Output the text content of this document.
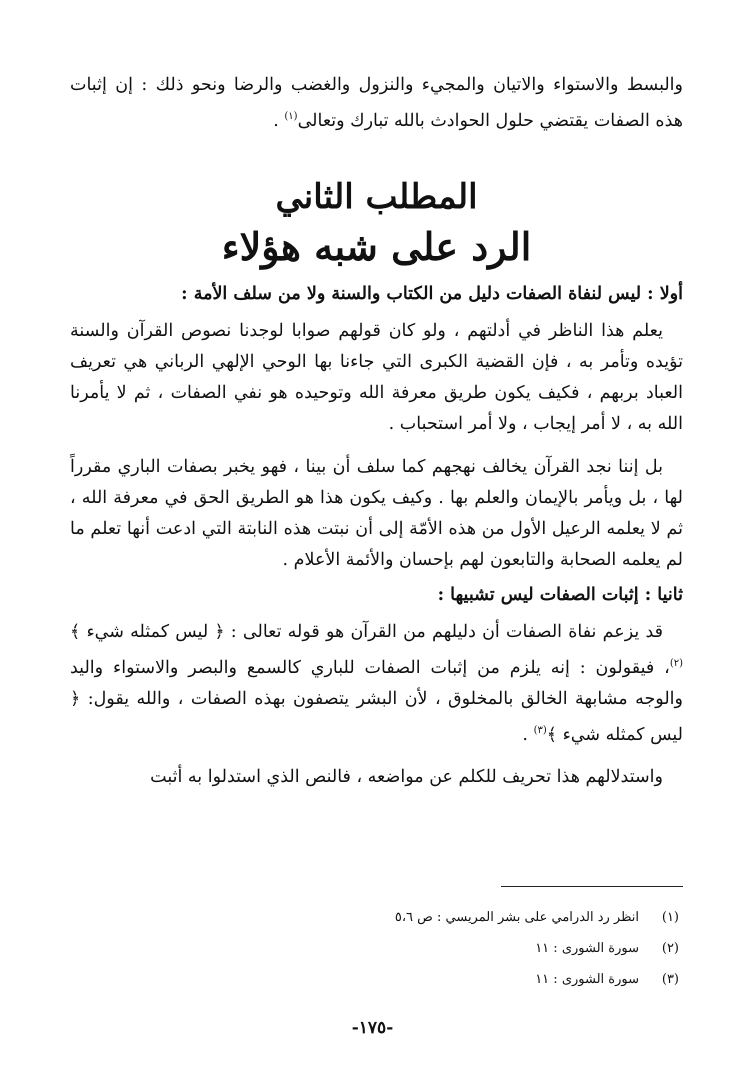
والبسط والاستواء والاتيان والمجيء والنزول والغضب والرضا ونحو ذلك : إن إثبات هذه الصفات يقتضي حلول الحوادث بالله تبارك وتعالى$^{(١)}$ .

المطلب الثاني
الرد على شبه هؤلاء
أولا : ليس لنفاة الصفات دليل من الكتاب والسنة ولا من سلف الأمة :

يعلم هذا الناظر في أدلتهم ، ولو كان قولهم صوابا لوجدنا نصوص القرآن والسنة تؤيده وتأمر به ، فإن القضية الكبرى التي جاءنا بها الوحي الإلهي الرباني هي تعريف العباد بربهم ، فكيف يكون طريق معرفة الله وتوحيده هو نفي الصفات ، ثم لا يأمرنا الله به ، لا أمر إيجاب ، ولا أمر استحباب .

بل إننا نجد القرآن يخالف نهجهم كما سلف أن بينا ، فهو يخبر بصفات الباري مقرراً لها ، بل ويأمر بالإيمان والعلم بها . وكيف يكون هذا هو الطريق الحق في معرفة الله ، ثم لا يعلمه الرعيل الأول من هذه الأمّة إلى أن نبتت هذه النابتة التي ادعت أنها تعلم ما لم يعلمه الصحابة والتابعون لهم بإحسان والأئمة الأعلام .

ثانيا : إثبات الصفات ليس تشبيها :

قد يزعم نفاة الصفات أن دليلهم من القرآن هو قوله تعالى : ﴿ ليس كمثله شيء ﴾$^{(٢)}$، فيقولون : إنه يلزم من إثبات الصفات للباري كالسمع والبصر والاستواء واليد والوجه مشابهة الخالق بالمخلوق ، لأن البشر يتصفون بهذه الصفات ، والله يقول: ﴿ ليس كمثله شيء ﴾$^{(٣)}$ .

واستدلالهم هذا تحريف للكلم عن مواضعه ، فالنص الذي استدلوا به أثبت

(١)
انظر رد الدرامي على بشر المريسي : ص ٥،٦
(٢)
سورة الشورى : ١١
(٣)
سورة الشورى : ١١
-١٧٥-
